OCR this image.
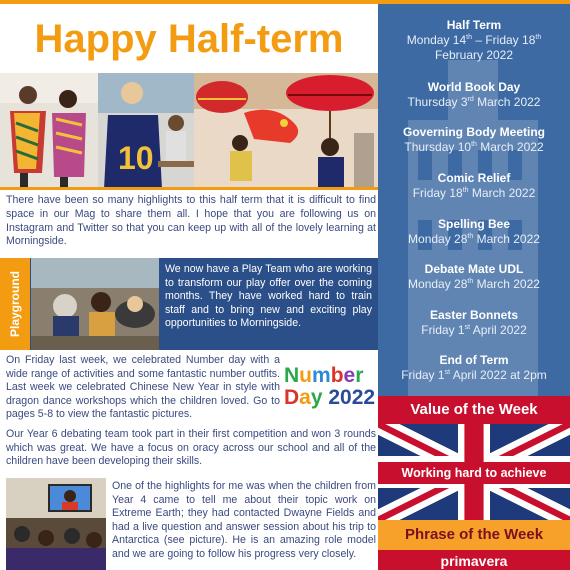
Happy Half-term
10

There have been so many highlights to this half term that it is difficult to find space in our Mag to share them all. I hope that you are following us on Instagram and Twitter so that you can keep up with all of the lovely learning at Morningside.

Playground

We now have a Play Team who are working to transform our play offer over the coming months. They have worked hard to train staff and to bring new and exciting play opportunities to Morningside.

On Friday last week, we celebrated Number day with a wide range of activities and some fantastic number outfits. Last week we celebrated Chinese New Year in style with dragon dance workshops which the children loved. Go to pages 5-8 to view the fantastic pictures.

Number
Day 2022

Our Year 6 debating team took part in their first competition and won 3 rounds which was great. We have a focus on oracy across our school and all of the children have been developing their skills.

One of the highlights for me was when the children from Year 4 came to tell me about their topic work on Extreme Earth; they had contacted Dwayne Fields and had a live question and answer session about his trip to Antarctica (see picture). He is an amazing role model and we are going to follow his progress very closely.

Half Term
Monday 14th – Friday 18th
February 2022
World Book Day
Thursday 3rd March 2022
Governing Body Meeting
Thursday 10th March 2022
Comic Relief
Friday 18th March 2022
Spelling Bee
Monday 28th March 2022
Debate Mate UDL
Monday 28th March 2022
Easter Bonnets
Friday 1st April 2022
End of Term
Friday 1st April 2022 at 2pm
Value of the Week
Working hard to achieve
Phrase of the Week
primavera
